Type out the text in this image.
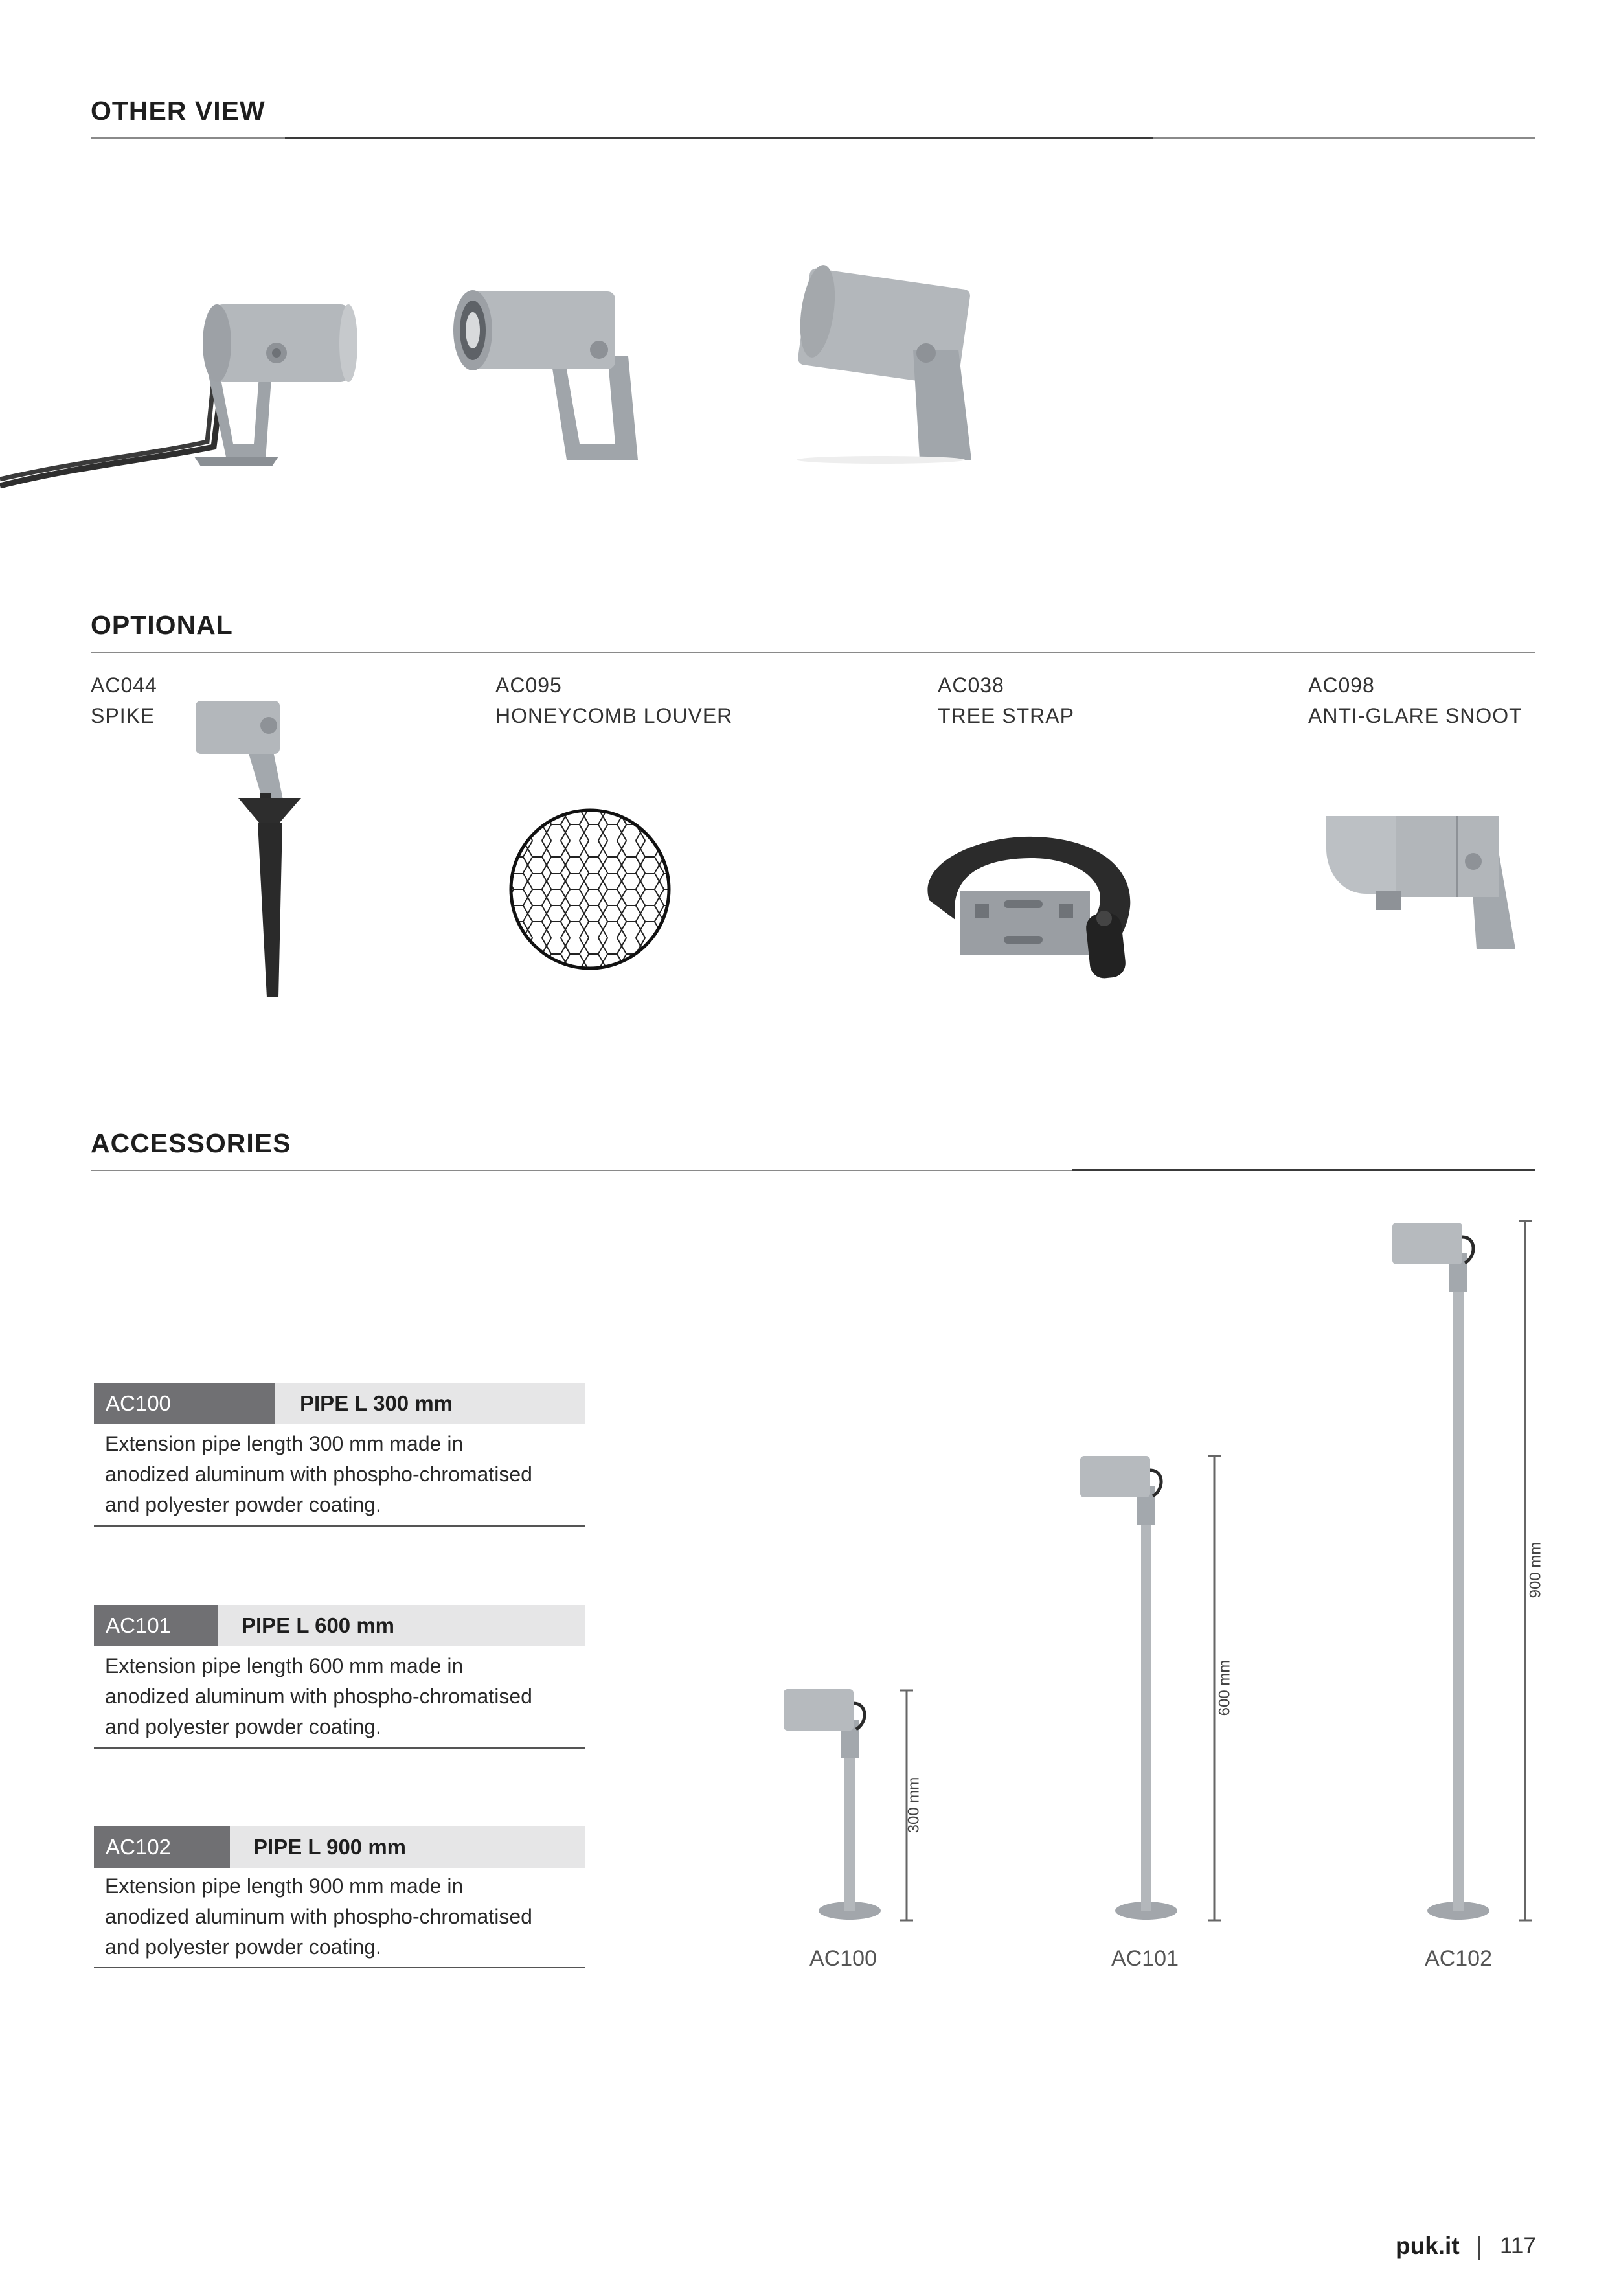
OTHER VIEW
OPTIONAL
AC044
SPIKE
AC095
HONEYCOMB LOUVER
AC038
TREE STRAP
AC098
ANTI-GLARE SNOOT
ACCESSORIES
AC100	PIPE L 300 mm
Extension pipe length 300 mm made in
anodized aluminum with phospho-chromatised
and polyester powder coating.
AC101	PIPE L 600 mm
Extension pipe length 600 mm made in
anodized aluminum with phospho-chromatised
and polyester powder coating.
AC102	PIPE L 900 mm
Extension pipe length 900 mm made in
anodized aluminum with phospho-chromatised
and polyester powder coating.
300 mm
600 mm
900 mm
AC100	AC101	AC102
puk.it 117
